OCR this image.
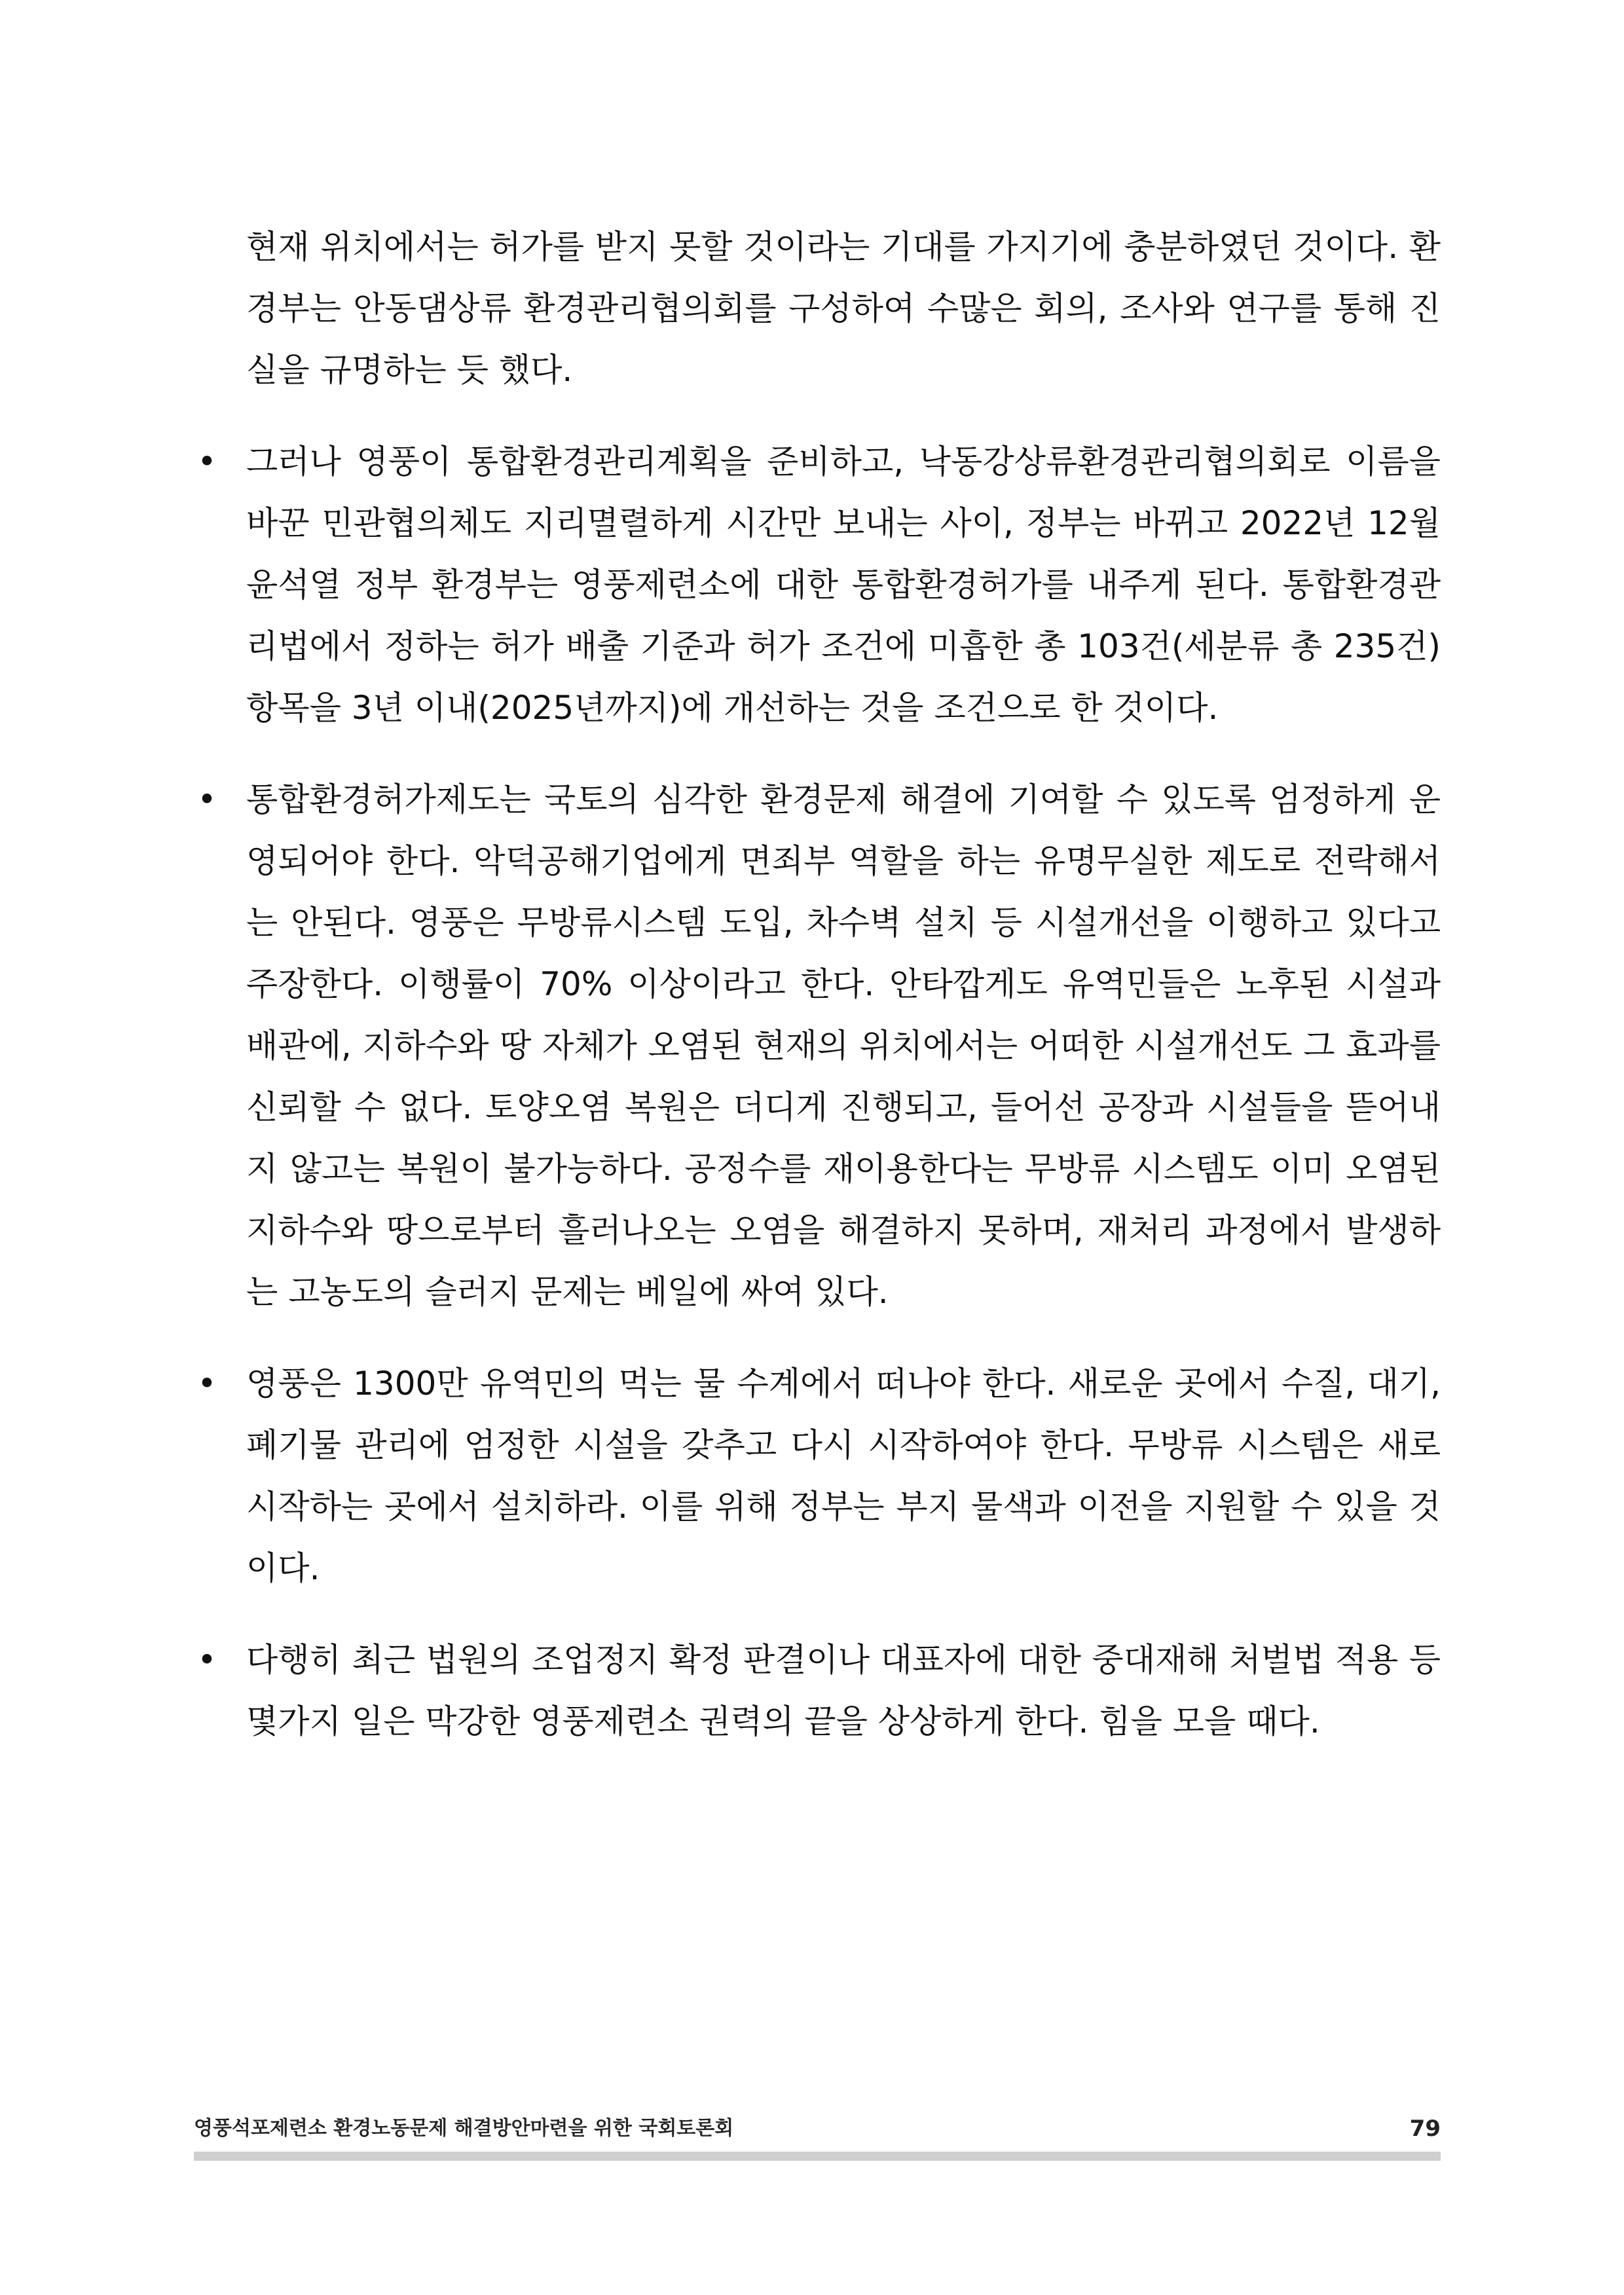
현재 위치에서는 허가를 받지 못할 것이라는 기대를 가지기에 충분하였던 것이다. 환경부는 안동댐상류 환경관리협의회를 구성하여 수많은 회의, 조사와 연구를 통해 진실을 규명하는 듯 했다.

• 그러나 영풍이 통합환경관리계획을 준비하고, 낙동강상류환경관리협의회로 이름을 바꾼 민관협의체도 지리멸렬하게 시간만 보내는 사이, 정부는 바뀌고 2022년 12월 윤석열 정부 환경부는 영풍제련소에 대한 통합환경허가를 내주게 된다. 통합환경관리법에서 정하는 허가 배출 기준과 허가 조건에 미흡한 총 103건(세분류 총 235건) 항목을 3년 이내(2025년까지)에 개선하는 것을 조건으로 한 것이다.

• 통합환경허가제도는 국토의 심각한 환경문제 해결에 기여할 수 있도록 엄정하게 운영되어야 한다. 악덕공해기업에게 면죄부 역할을 하는 유명무실한 제도로 전락해서는 안된다. 영풍은 무방류시스템 도입, 차수벽 설치 등 시설개선을 이행하고 있다고 주장한다. 이행률이 70% 이상이라고 한다. 안타깝게도 유역민들은 노후된 시설과 배관에, 지하수와 땅 자체가 오염된 현재의 위치에서는 어떠한 시설개선도 그 효과를 신뢰할 수 없다. 토양오염 복원은 더디게 진행되고, 들어선 공장과 시설들을 뜯어내지 않고는 복원이 불가능하다. 공정수를 재이용한다는 무방류 시스템도 이미 오염된 지하수와 땅으로부터 흘러나오는 오염을 해결하지 못하며, 재처리 과정에서 발생하는 고농도의 슬러지 문제는 베일에 싸여 있다.

• 영풍은 1300만 유역민의 먹는 물 수계에서 떠나야 한다. 새로운 곳에서 수질, 대기, 폐기물 관리에 엄정한 시설을 갖추고 다시 시작하여야 한다. 무방류 시스템은 새로 시작하는 곳에서 설치하라. 이를 위해 정부는 부지 물색과 이전을 지원할 수 있을 것이다.

• 다행히 최근 법원의 조업정지 확정 판결이나 대표자에 대한 중대재해 처벌법 적용 등 몇가지 일은 막강한 영풍제련소 권력의 끝을 상상하게 한다. 힘을 모을 때다.

영풍석포제련소 환경노동문제 해결방안마련을 위한 국회토론회	79
